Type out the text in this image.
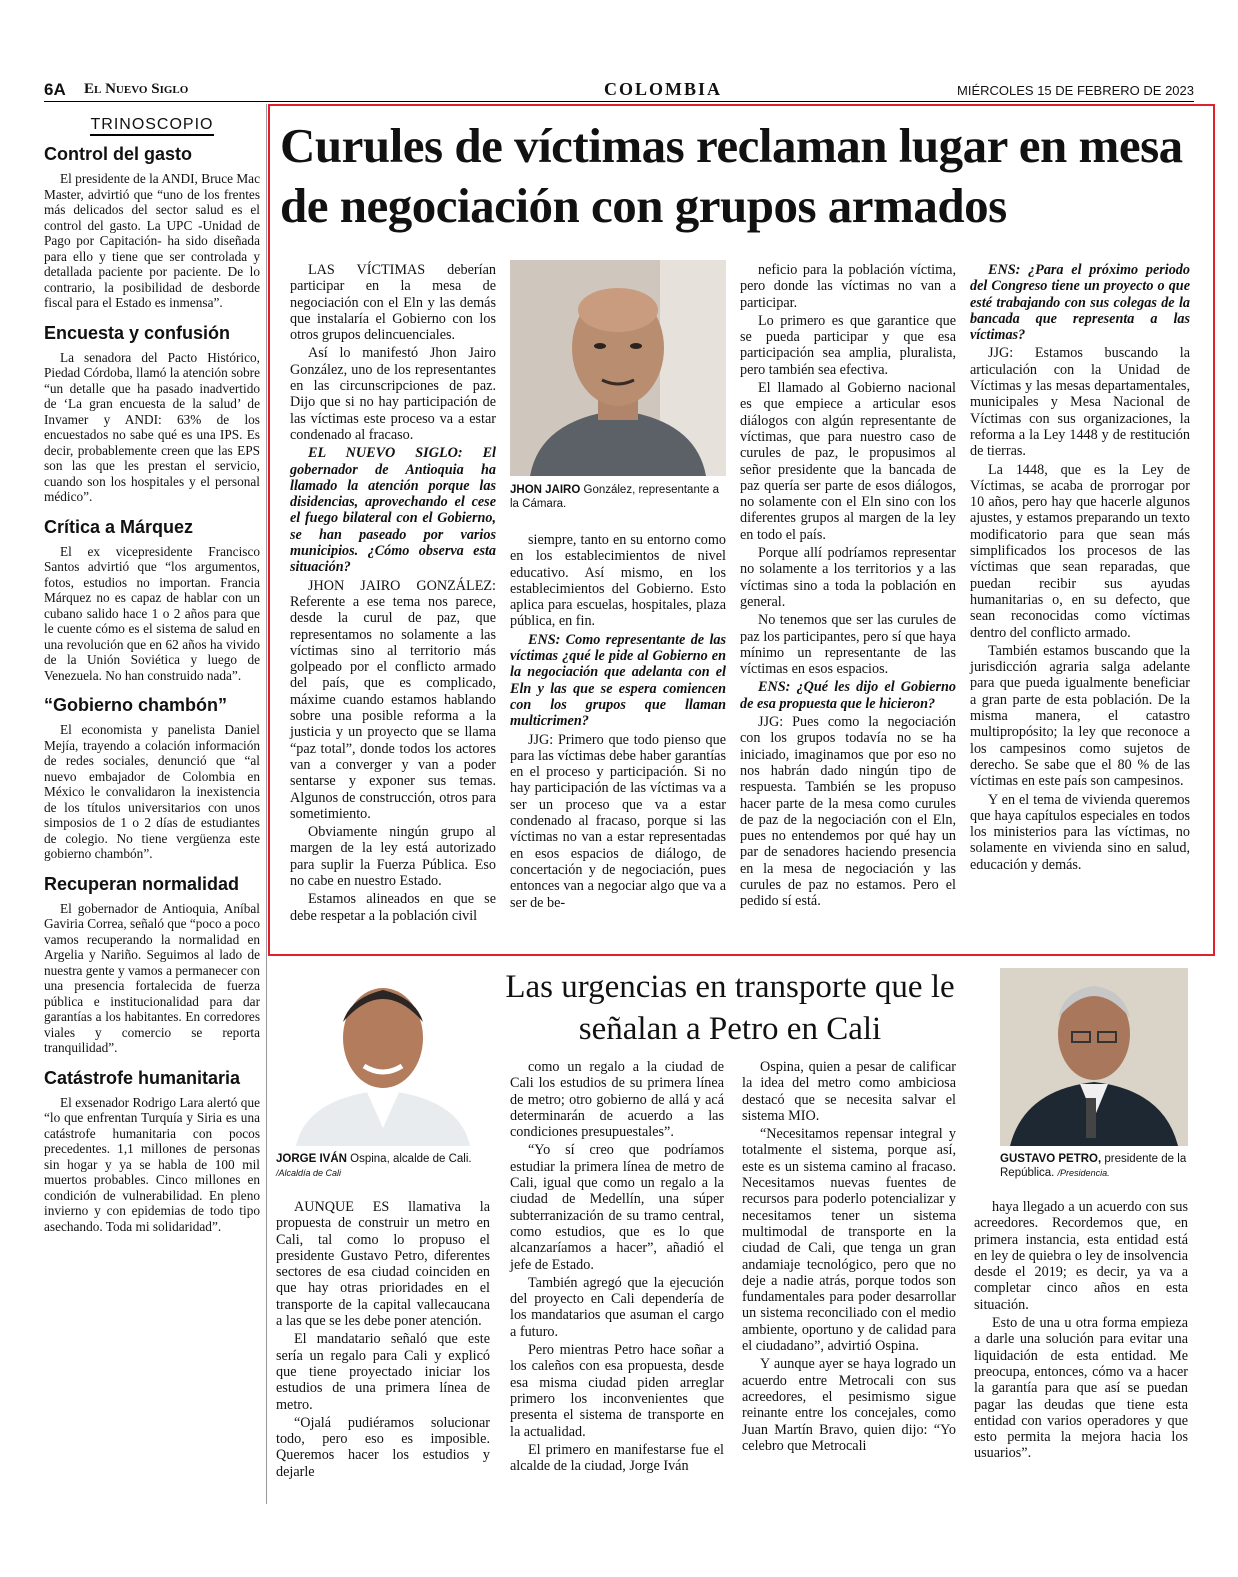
6A El Nuevo Siglo	COLOMBIA	MIÉRCOLES 15 DE FEBRERO DE 2023
TRINOSCOPIO
Control del gasto
El presidente de la ANDI, Bruce Mac Master, advirtió que “uno de los frentes más delicados del sector salud es el control del gasto. La UPC -Unidad de Pago por Capitación- ha sido diseñada para ello y tiene que ser controlada y detallada paciente por paciente. De lo contrario, la posibilidad de desborde fiscal para el Estado es inmensa”.
Encuesta y confusión
La senadora del Pacto Histórico, Piedad Córdoba, llamó la atención sobre “un detalle que ha pasado inadvertido de ‘La gran encuesta de la salud’ de Invamer y ANDI: 63% de los encuestados no sabe qué es una IPS. Es decir, probablemente creen que las EPS son las que les prestan el servicio, cuando son los hospitales y el personal médico”.
Crítica a Márquez
El ex vicepresidente Francisco Santos advirtió que “los argumentos, fotos, estudios no importan. Francia Márquez no es capaz de hablar con un cubano salido hace 1 o 2 años para que le cuente cómo es el sistema de salud en una revolución que en 62 años ha vivido de la Unión Soviética y luego de Venezuela. No han construido nada”.
“Gobierno chambón”
El economista y panelista Daniel Mejía, trayendo a colación información de redes sociales, denunció que “al nuevo embajador de Colombia en México le convalidaron la inexistencia de los títulos universitarios con unos simposios de 1 o 2 días de estudiantes de colegio. No tiene vergüenza este gobierno chambón”.
Recuperan normalidad
El gobernador de Antioquia, Aníbal Gaviria Correa, señaló que “poco a poco vamos recuperando la normalidad en Argelia y Nariño. Seguimos al lado de nuestra gente y vamos a permanecer con una presencia fortalecida de fuerza pública e institucionalidad para dar garantías a los habitantes. En corredores viales y comercio se reporta tranquilidad”.
Catástrofe humanitaria
El exsenador Rodrigo Lara alertó que “lo que enfrentan Turquía y Siria es una catástrofe humanitaria con pocos precedentes. 1,1 millones de personas sin hogar y ya se habla de 100 mil muertos probables. Cinco millones en condición de vulnerabilidad. En pleno invierno y con epidemias de todo tipo asechando. Toda mi solidaridad”.
Curules de víctimas reclaman lugar en mesa de negociación con grupos armados

LAS VÍCTIMAS deberían participar en la mesa de negociación con el Eln y las demás que instalaría el Gobierno con los otros grupos delincuenciales.

Así lo manifestó Jhon Jairo González, uno de los representantes en las circunscripciones de paz. Dijo que si no hay participación de las víctimas este proceso va a estar condenado al fracaso.

EL NUEVO SIGLO: El gobernador de Antioquia ha llamado la atención porque las disidencias, aprovechando el cese el fuego bilateral con el Gobierno, se han paseado por varios municipios. ¿Cómo observa esta situación?

JHON JAIRO GONZÁLEZ: Referente a ese tema nos parece, desde la curul de paz, que representamos no solamente a las víctimas sino al territorio más golpeado por el conflicto armado del país, que es complicado, máxime cuando estamos hablando sobre una posible reforma a la justicia y un proyecto que se llama “paz total”, donde todos los actores van a converger y van a poder sentarse y exponer sus temas. Algunos de construcción, otros para sometimiento.

Obviamente ningún grupo al margen de la ley está autorizado para suplir la Fuerza Pública. Eso no cabe en nuestro Estado.

Estamos alineados en que se debe respetar a la población civil

JHON JAIRO González, representante a la Cámara.

siempre, tanto en su entorno como en los establecimientos de nivel educativo. Así mismo, en los establecimientos del Gobierno. Esto aplica para escuelas, hospitales, plaza pública, en fin.

ENS: Como representante de las víctimas ¿qué le pide al Gobierno en la negociación que adelanta con el Eln y las que se espera comiencen con los grupos que llaman multicrimen?

JJG: Primero que todo pienso que para las víctimas debe haber garantías en el proceso y participación. Si no hay participación de las víctimas va a ser un proceso que va a estar condenado al fracaso, porque si las víctimas no van a estar representadas en esos espacios de diálogo, de concertación y de negociación, pues entonces van a negociar algo que va a ser de be-

neficio para la población víctima, pero donde las víctimas no van a participar.

Lo primero es que garantice que se pueda participar y que esa participación sea amplia, pluralista, pero también sea efectiva.

El llamado al Gobierno nacional es que empiece a articular esos diálogos con algún representante de víctimas, que para nuestro caso de curules de paz, le propusimos al señor presidente que la bancada de paz quería ser parte de esos diálogos, no solamente con el Eln sino con los diferentes grupos al margen de la ley en todo el país.

Porque allí podríamos representar no solamente a los territorios y a las víctimas sino a toda la población en general.

No tenemos que ser las curules de paz los participantes, pero sí que haya mínimo un representante de las víctimas en esos espacios.

ENS: ¿Qué les dijo el Gobierno de esa propuesta que le hicieron?

JJG: Pues como la negociación con los grupos todavía no se ha iniciado, imaginamos que por eso no nos habrán dado ningún tipo de respuesta. También se les propuso hacer parte de la mesa como curules de paz de la negociación con el Eln, pues no entendemos por qué hay un par de senadores haciendo presencia en la mesa de negociación y las curules de paz no estamos. Pero el pedido sí está.

ENS: ¿Para el próximo periodo del Congreso tiene un proyecto o que esté trabajando con sus colegas de la bancada que representa a las víctimas?

JJG: Estamos buscando la articulación con la Unidad de Víctimas y las mesas departamentales, municipales y Mesa Nacional de Víctimas con sus organizaciones, la reforma a la Ley 1448 y de restitución de tierras.

La 1448, que es la Ley de Víctimas, se acaba de prorrogar por 10 años, pero hay que hacerle algunos ajustes, y estamos preparando un texto modificatorio para que sean más simplificados los procesos de las víctimas que sean reparadas, que puedan recibir sus ayudas humanitarias o, en su defecto, que sean reconocidas como víctimas dentro del conflicto armado.

También estamos buscando que la jurisdicción agraria salga adelante para que pueda igualmente beneficiar a gran parte de esta población. De la misma manera, el catastro multipropósito; la ley que reconoce a los campesinos como sujetos de derecho. Se sabe que el 80 % de las víctimas en este país son campesinos.

Y en el tema de vivienda queremos que haya capítulos especiales en todos los ministerios para las víctimas, no solamente en vivienda sino en salud, educación y demás.

Las urgencias en transporte que le señalan a Petro en Cali
JORGE IVÁN Ospina, alcalde de Cali. /Alcaldía de Cali
GUSTAVO PETRO, presidente de la República. /Presidencia.

AUNQUE ES llamativa la propuesta de construir un metro en Cali, tal como lo propuso el presidente Gustavo Petro, diferentes sectores de esa ciudad coinciden en que hay otras prioridades en el transporte de la capital vallecaucana a las que se les debe poner atención.

El mandatario señaló que este sería un regalo para Cali y explicó que tiene proyectado iniciar los estudios de una primera línea de metro.

“Ojalá pudiéramos solucionar todo, pero eso es imposible. Queremos hacer los estudios y dejarle

como un regalo a la ciudad de Cali los estudios de su primera línea de metro; otro gobierno de allá y acá determinarán de acuerdo a las condiciones presupuestales”.

“Yo sí creo que podríamos estudiar la primera línea de metro de Cali, igual que como un regalo a la ciudad de Medellín, una súper subterranización de su tramo central, como estudios, que es lo que alcanzaríamos a hacer”, añadió el jefe de Estado.

También agregó que la ejecución del proyecto en Cali dependería de los mandatarios que asuman el cargo a futuro.

Pero mientras Petro hace soñar a los caleños con esa propuesta, desde esa misma ciudad piden arreglar primero los inconvenientes que presenta el sistema de transporte en la actualidad.

El primero en manifestarse fue el alcalde de la ciudad, Jorge Iván

Ospina, quien a pesar de calificar la idea del metro como ambiciosa destacó que se necesita salvar el sistema MIO.

“Necesitamos repensar integral y totalmente el sistema, porque así, este es un sistema camino al fracaso. Necesitamos nuevas fuentes de recursos para poderlo potencializar y necesitamos tener un sistema multimodal de transporte en la ciudad de Cali, que tenga un gran andamiaje tecnológico, pero que no deje a nadie atrás, porque todos son fundamentales para poder desarrollar un sistema reconciliado con el medio ambiente, oportuno y de calidad para el ciudadano”, advirtió Ospina.

Y aunque ayer se haya logrado un acuerdo entre Metrocali con sus acreedores, el pesimismo sigue reinante entre los concejales, como Juan Martín Bravo, quien dijo: “Yo celebro que Metrocali

haya llegado a un acuerdo con sus acreedores. Recordemos que, en primera instancia, esta entidad está en ley de quiebra o ley de insolvencia desde el 2019; es decir, ya va a completar cinco años en esta situación.

Esto de una u otra forma empieza a darle una solución para evitar una liquidación de esta entidad. Me preocupa, entonces, cómo va a hacer la garantía para que así se puedan pagar las deudas que tiene esta entidad con varios operadores y que esto permita la mejora hacia los usuarios”.
